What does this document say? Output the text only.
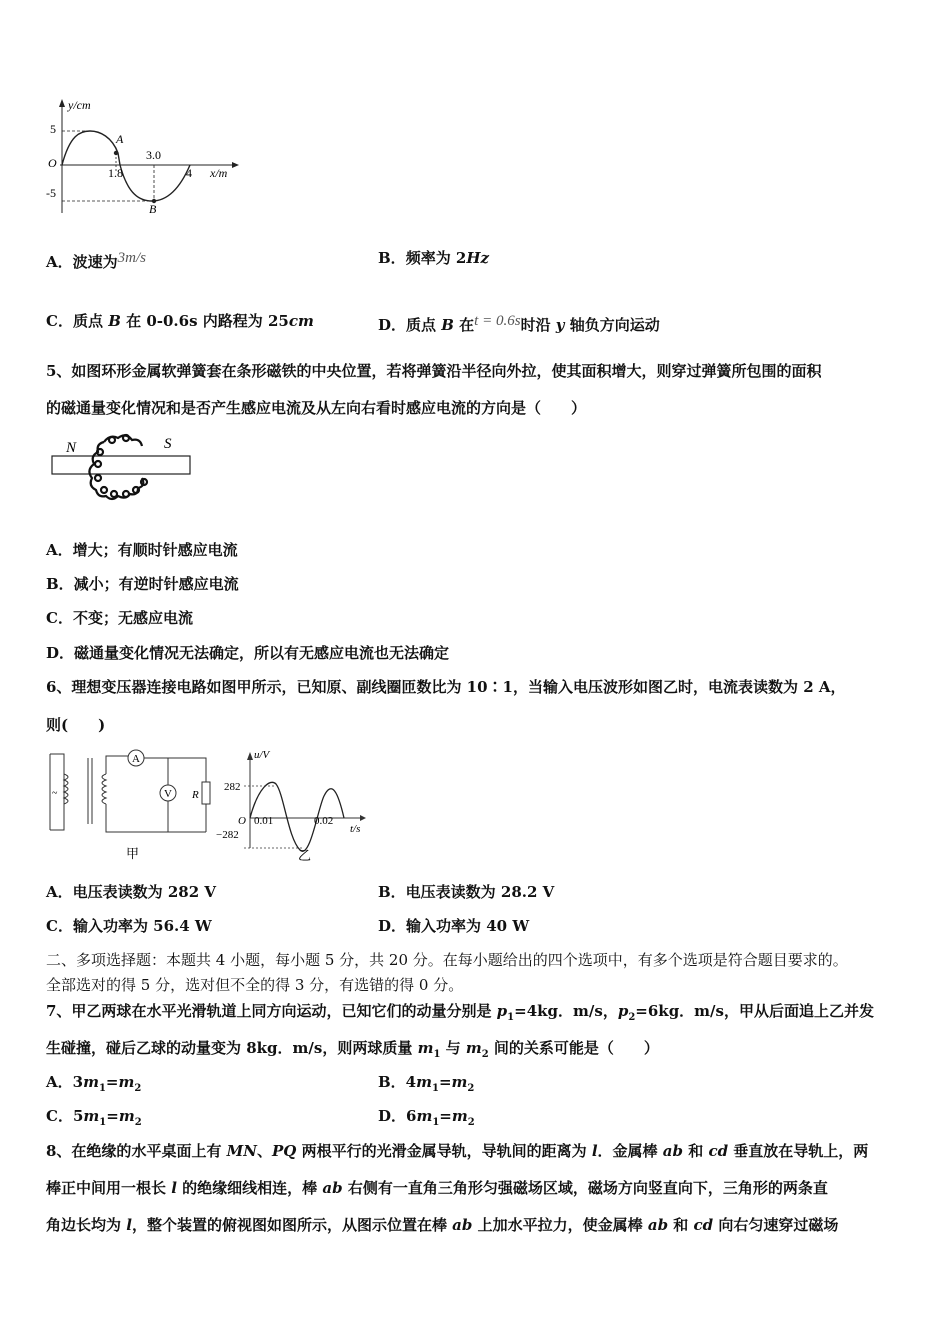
y/cm
x/m
O
5
-5
1.8
3.0
4
A
B
A．波速为3m/s	B．频率为 2Hz
C．质点 B 在 0-0.6s 内路程为 25cm	D．质点 B 在t = 0.6s时沿 y 轴负方向运动
5、如图环形金属软弹簧套在条形磁铁的中央位置，若将弹簧沿半径向外拉，使其面积增大，则穿过弹簧所包围的面积
的磁通量变化情况和是否产生感应电流及从左向右看时感应电流的方向是（　　）
N	S
A．增大；有顺时针感应电流
B．减小；有逆时针感应电流
C．不变；无感应电流
D．磁通量变化情况无法确定，所以有无感应电流也无法确定
6、理想变压器连接电路如图甲所示，已知原、副线圈匝数比为 10∶1，当输入电压波形如图乙时，电流表读数为 2 A，
则(　　)
A
V R
甲
~
u/V
t/s
282
−282
O 0.01	0.02
乙
A．电压表读数为 282 V	B．电压表读数为 28.2 V
C．输入功率为 56.4 W	D．输入功率为 40 W
二、多项选择题：本题共 4 小题，每小题 5 分，共 20 分。在每小题给出的四个选项中，有多个选项是符合题目要求的。
全部选对的得 5 分，选对但不全的得 3 分，有选错的得 0 分。
7、甲乙两球在水平光滑轨道上同方向运动，已知它们的动量分别是 $p_1=4kg$．m/s，$p_2=6kg$．m/s，甲从后面追上乙并发
生碰撞，碰后乙球的动量变为 8kg．m/s，则两球质量 $m_1$ 与 $m_2$ 间的关系可能是（　　）
A．$3m_1=m_2$	B．$4m_1=m_2$
C．$5m_1=m_2$	D．$6m_1=m_2$
8、在绝缘的水平桌面上有 MN、PQ 两根平行的光滑金属导轨，导轨间的距离为 l．金属棒 ab 和 cd 垂直放在导轨上，两
棒正中间用一根长 l 的绝缘细线相连，棒 ab 右侧有一直角三角形匀强磁场区域，磁场方向竖直向下，三角形的两条直
角边长均为 l，整个装置的俯视图如图所示，从图示位置在棒 ab 上加水平拉力，使金属棒 ab 和 cd 向右匀速穿过磁场
